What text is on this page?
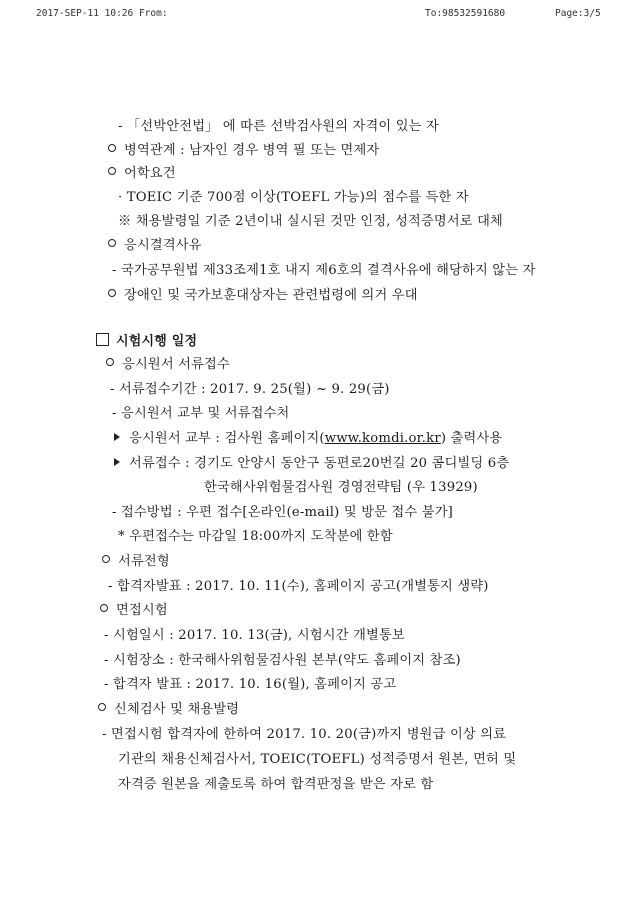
2017-SEP-11 10:26 From:	To:98532591680	Page:3/5
- 「선박안전법」 에 따른 선박검사원의 자격이 있는 자
병역관계 : 남자인 경우 병역 필 또는 면제자
어학요건
· TOEIC 기준 700점 이상(TOEFL 가능)의 점수를 득한 자
※ 채용발령일 기준 2년이내 실시된 것만 인정, 성적증명서로 대체
응시결격사유
- 국가공무원법 제33조제1호 내지 제6호의 결격사유에 해당하지 않는 자
장애인 및 국가보훈대상자는 관련법령에 의거 우대
시험시행 일정
응시원서 서류접수
- 서류접수기간 : 2017. 9. 25(월) ~ 9. 29(금)
- 응시원서 교부 및 서류접수처
응시원서 교부 : 검사원 홈페이지(www.komdi.or.kr) 출력사용
서류접수 : 경기도 안양시 동안구 동편로20번길 20 콤디빌딩 6층
한국해사위험물검사원 경영전략팀 (우 13929)
- 접수방법 : 우편 접수[온라인(e-mail) 및 방문 접수 불가]
* 우편접수는 마감일 18:00까지 도착분에 한함
서류전형
- 합격자발표 : 2017. 10. 11(수), 홈페이지 공고(개별통지 생략)
면접시험
- 시험일시 : 2017. 10. 13(금), 시험시간 개별통보
- 시험장소 : 한국해사위험물검사원 본부(약도 홈페이지 참조)
- 합격자 발표 : 2017. 10. 16(월), 홈페이지 공고
신체검사 및 채용발령
- 면접시험 합격자에 한하여 2017. 10. 20(금)까지 병원급 이상 의료
기관의 채용신체검사서, TOEIC(TOEFL) 성적증명서 원본, 면허 및
자격증 원본을 제출토록 하여 합격판정을 받은 자로 함
